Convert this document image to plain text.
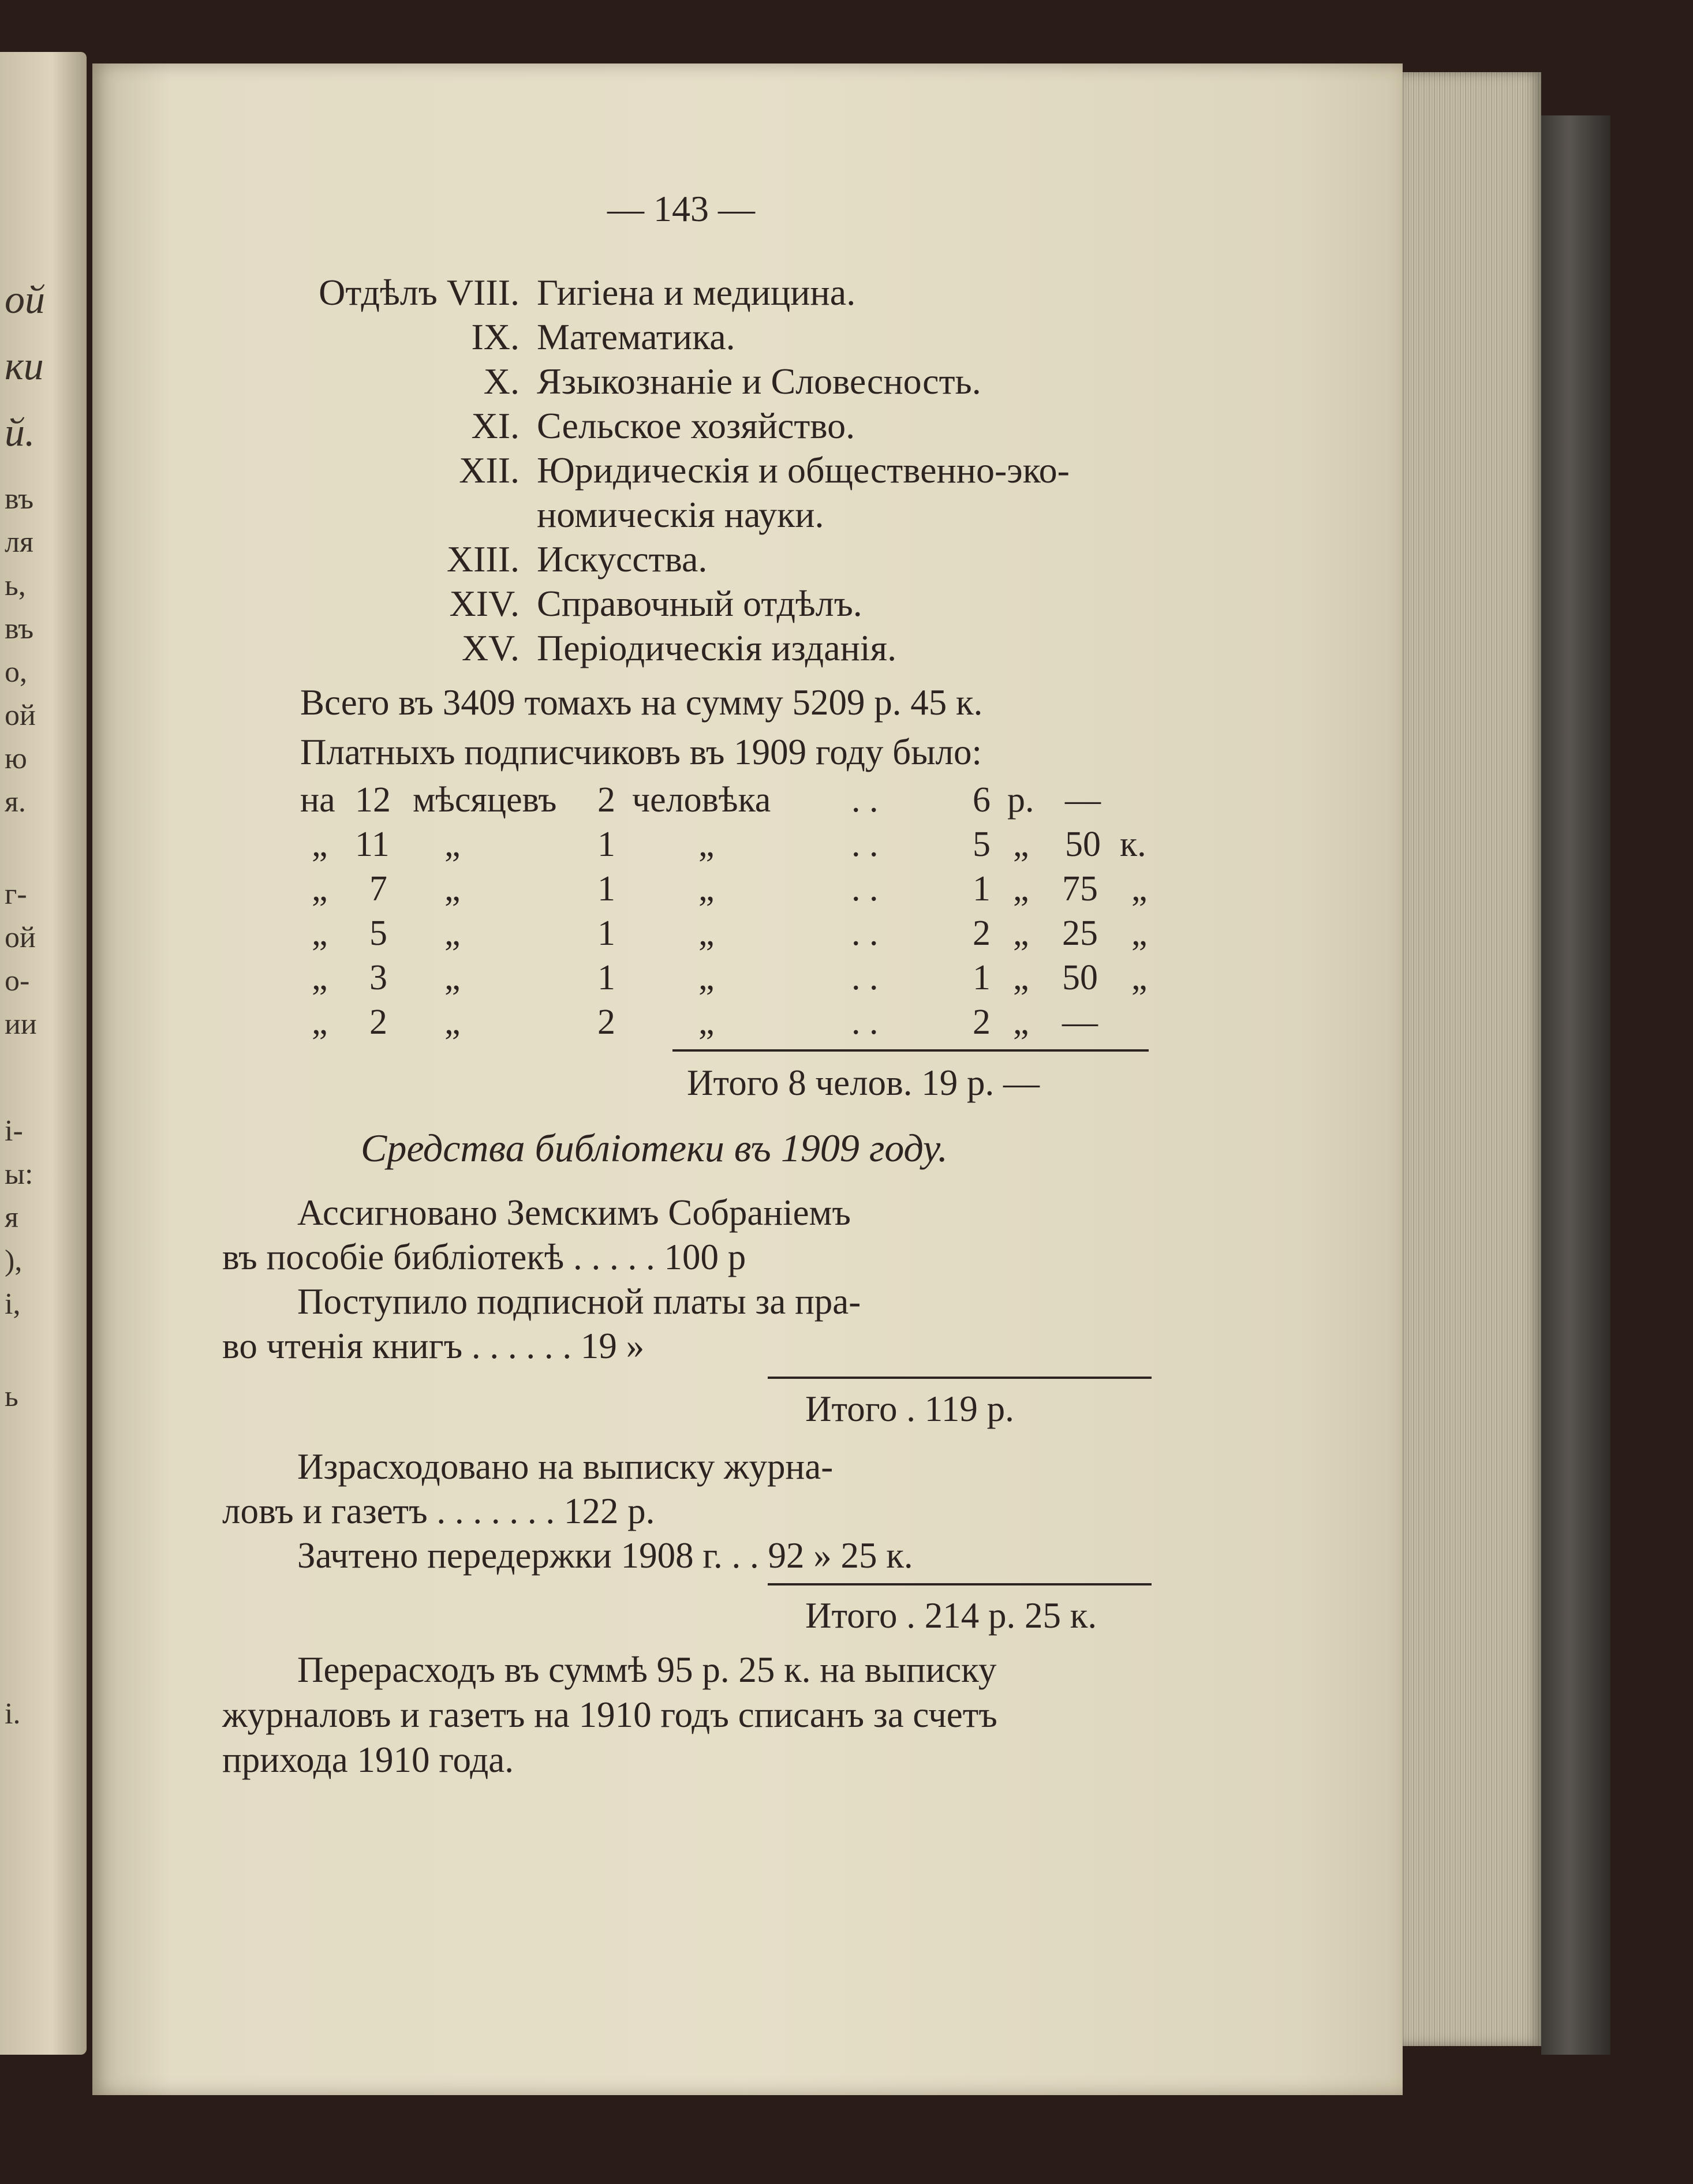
ой
ки
й.
въ
ля
ь,
въ
о,
ой
ю
я.
г-
ой
о-
ии
і-
ы:
я
),
і,
ь
і.
— 143 —
Отдѣлъ VIII. Гигіена и медицина.
IX. Математика.
X. Языкознаніе и Словесность.
XI. Сельское хозяйство.
XII. Юридическія и общественно-эко-
номическія науки.
XIII. Искусства.
XIV. Справочный отдѣлъ.
XV. Періодическія изданія.
Всего въ 3409 томахъ на сумму 5209 р. 45 к.
Платныхъ подписчиковъ въ 1909 году было:
на 12 мѣсяцевъ 2 человѣка . .	6 р. —
„ 11 „	1 „	. .	5 „ 50 к.
„ 7 „	1 „	. .	1 „ 75 „
„ 5 „	1 „	. .	2 „ 25 „
„ 3 „	1 „	. .	1 „ 50 „
„ 2 „	2 „	. .	2 „ —
Итого 8 челов. 19 р. —
Средства библіотеки въ 1909 году.
Ассигновано Земскимъ Собраніемъ
въ пособіе библіотекѣ . . . . . 100 р
Поступило подписной платы за пра-
во чтенія книгъ . . . . . . 19 »
Итого . 119 р.
Израсходовано на выписку журна-
ловъ и газетъ . . . . . . . 122 р.
Зачтено передержки 1908 г. . . 92 » 25 к.
Итого . 214 р. 25 к.
Перерасходъ въ суммѣ 95 р. 25 к. на выписку
журналовъ и газетъ на 1910 годъ списанъ за счетъ
прихода 1910 года.
